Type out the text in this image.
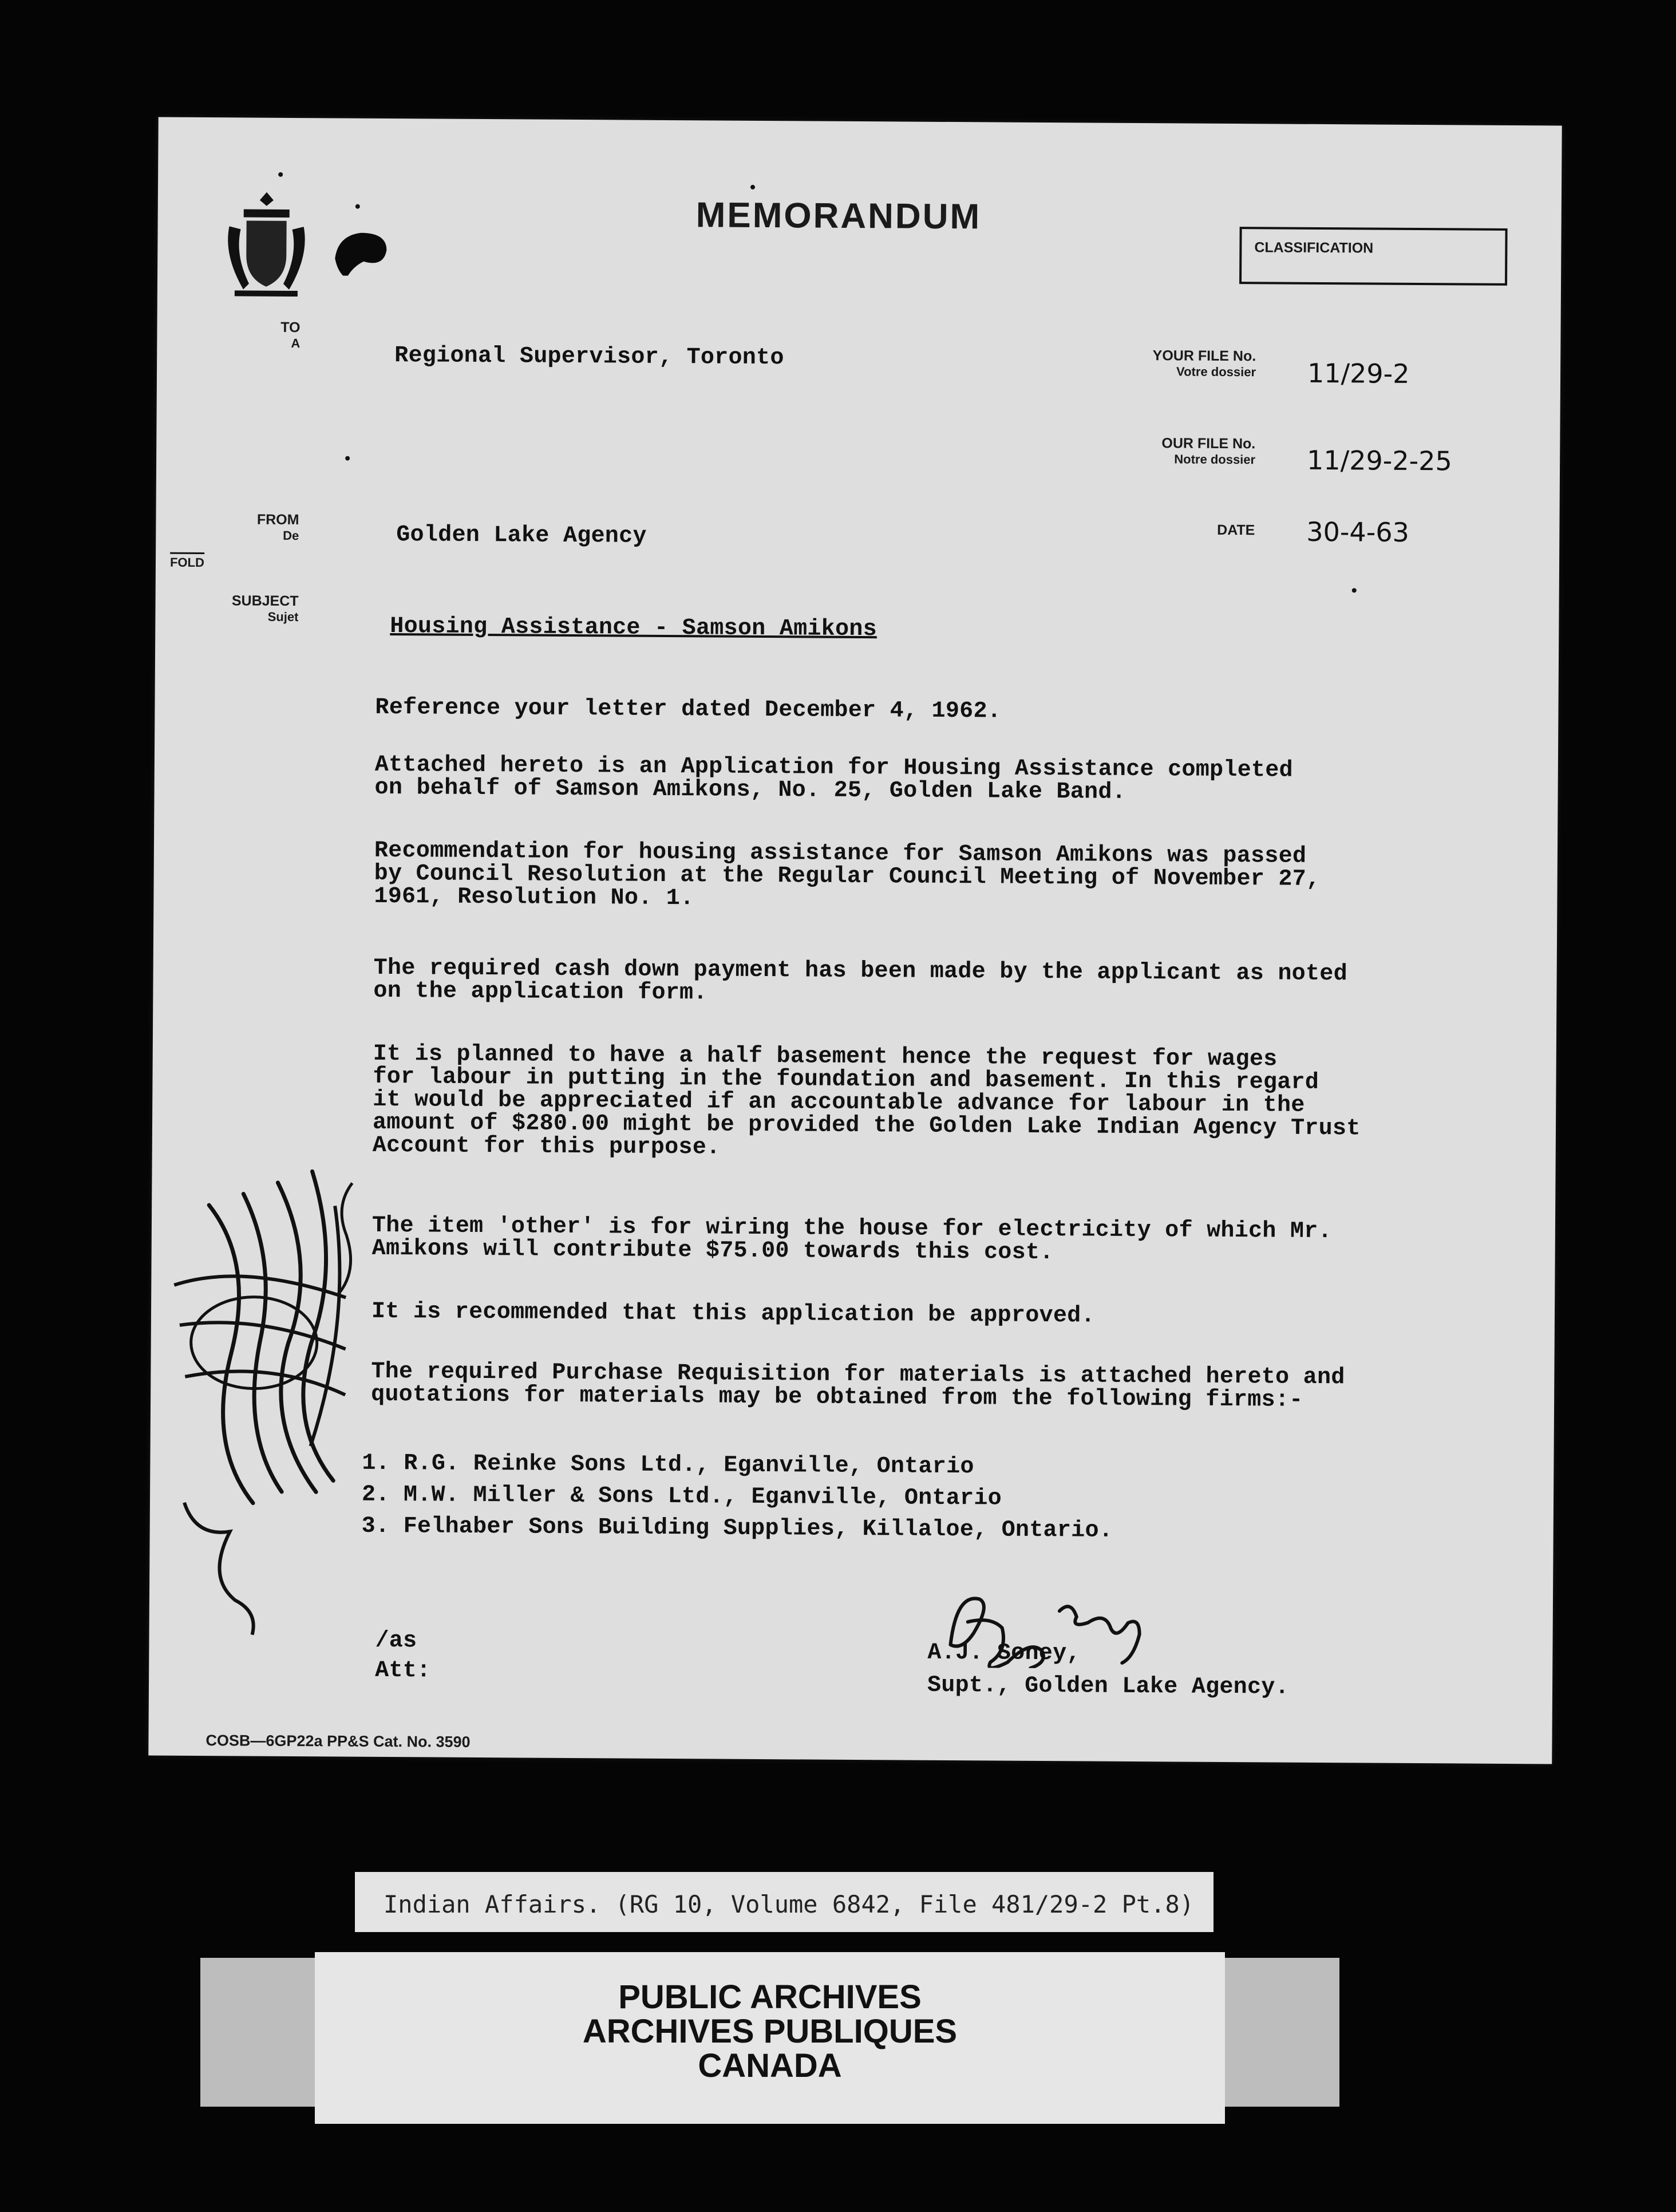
MEMORANDUM
CLASSIFICATION
TO
A
FROM
De
FOLD
SUBJECT
Sujet
YOUR FILE No.
Votre dossier 11/29-2
OUR FILE No.
Notre dossier 11/29-2-25
DATE 30-4-63
Regional Supervisor, Toronto
Golden Lake Agency
Housing Assistance - Samson Amikons
Reference your letter dated December 4, 1962.
Attached hereto is an Application for Housing Assistance completed
on behalf of Samson Amikons, No. 25, Golden Lake Band.
Recommendation for housing assistance for Samson Amikons was passed
by Council Resolution at the Regular Council Meeting of November 27,
1961, Resolution No. 1.
The required cash down payment has been made by the applicant as noted
on the application form.
It is planned to have a half basement hence the request for wages
for labour in putting in the foundation and basement. In this regard
it would be appreciated if an accountable advance for labour in the
amount of $280.00 might be provided the Golden Lake Indian Agency Trust
Account for this purpose.
The item 'other' is for wiring the house for electricity of which Mr.
Amikons will contribute $75.00 towards this cost.
It is recommended that this application be approved.
The required Purchase Requisition for materials is attached hereto and
quotations for materials may be obtained from the following firms:-
1. R.G. Reinke Sons Ltd., Eganville, Ontario
2. M.W. Miller & Sons Ltd., Eganville, Ontario
3. Felhaber Sons Building Supplies, Killaloe, Ontario.
/as
Att:
A.J. Soney,
Supt., Golden Lake Agency.
AJSoney
COSB—6GP22a PP&S Cat. No. 3590
Indian Affairs. (RG 10, Volume 6842, File 481/29-2 Pt.8)
PUBLIC ARCHIVES
ARCHIVES PUBLIQUES
CANADA
